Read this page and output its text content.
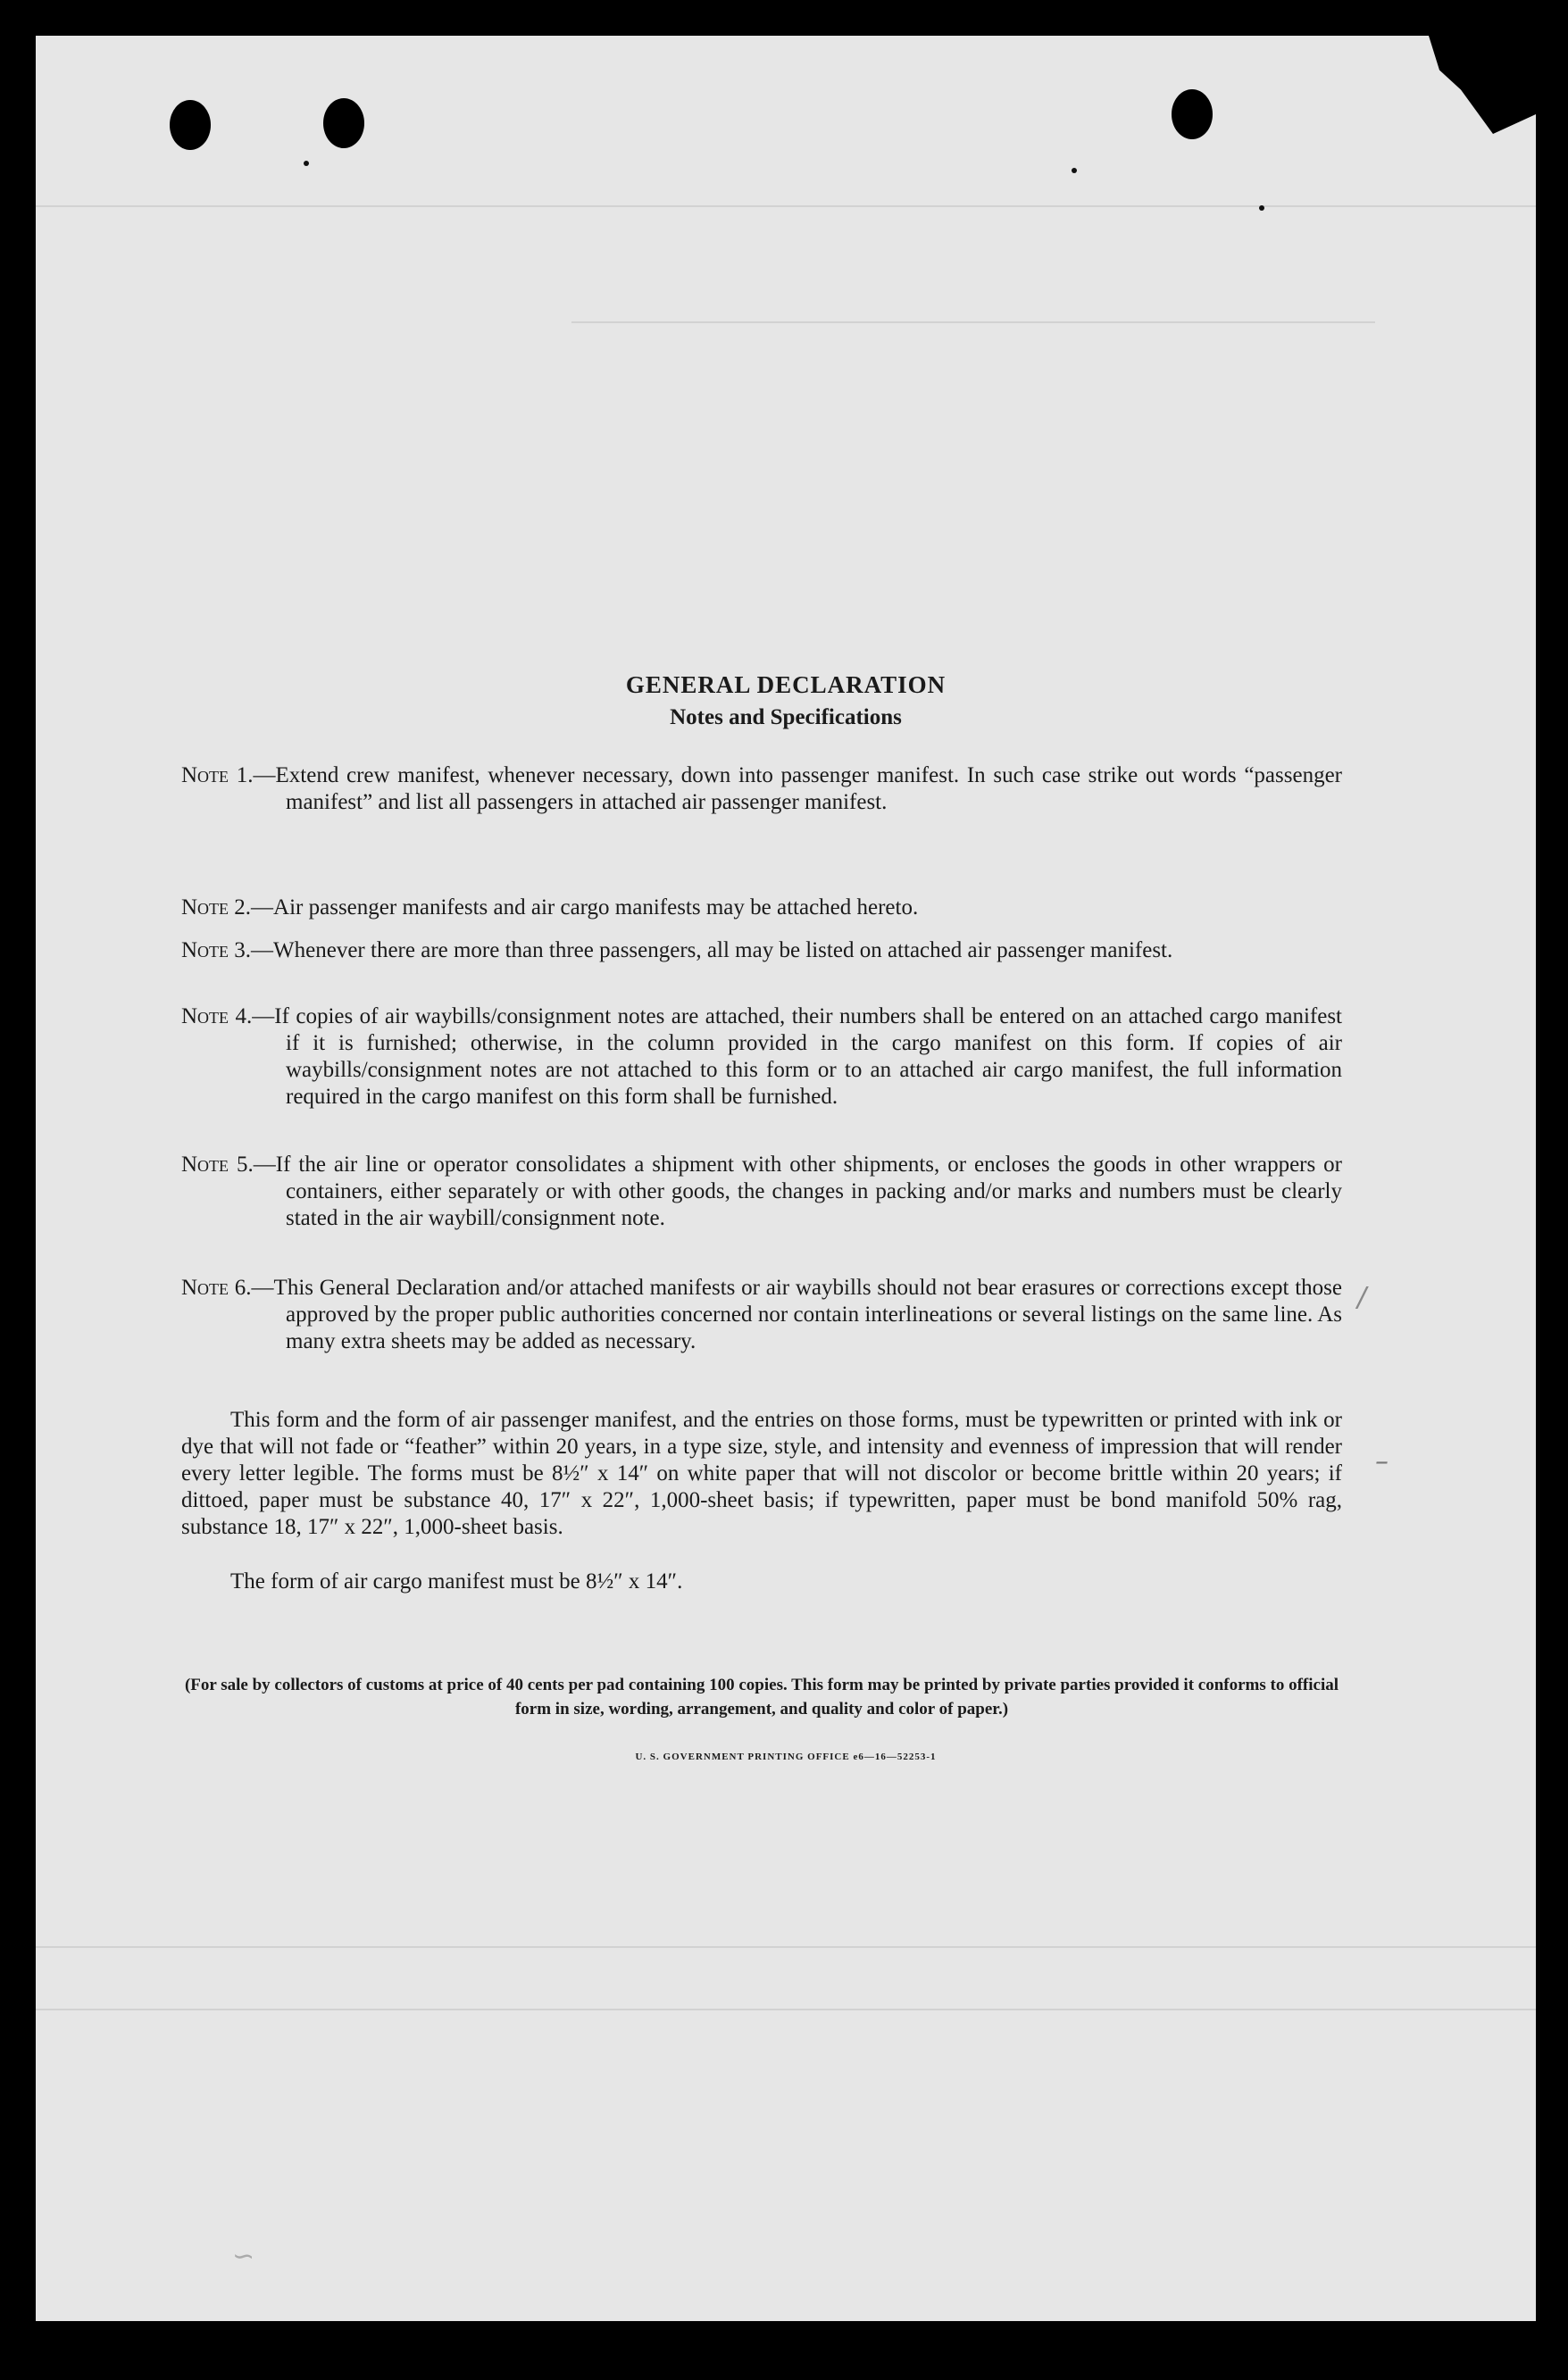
GENERAL DECLARATION
Notes and Specifications
Note 1.—Extend crew manifest, whenever necessary, down into passenger manifest. In such case strike out words “passenger manifest” and list all passengers in attached air passenger manifest.
Note 2.—Air passenger manifests and air cargo manifests may be attached hereto.
Note 3.—Whenever there are more than three passengers, all may be listed on attached air passenger manifest.
Note 4.—If copies of air waybills/consignment notes are attached, their numbers shall be entered on an attached cargo manifest if it is furnished; otherwise, in the column provided in the cargo manifest on this form. If copies of air waybills/consignment notes are not attached to this form or to an attached air cargo manifest, the full information required in the cargo manifest on this form shall be furnished.
Note 5.—If the air line or operator consolidates a shipment with other shipments, or encloses the goods in other wrappers or containers, either separately or with other goods, the changes in packing and/or marks and numbers must be clearly stated in the air waybill/consignment note.
Note 6.—This General Declaration and/or attached manifests or air waybills should not bear erasures or corrections except those approved by the proper public authorities concerned nor contain interlineations or several listings on the same line. As many extra sheets may be added as necessary.
This form and the form of air passenger manifest, and the entries on those forms, must be typewritten or printed with ink or dye that will not fade or “feather” within 20 years, in a type size, style, and intensity and evenness of impression that will render every letter legible. The forms must be 8½″ x 14″ on white paper that will not discolor or become brittle within 20 years; if dittoed, paper must be substance 40, 17″ x 22″, 1,000-sheet basis; if typewritten, paper must be bond manifold 50% rag, substance 18, 17″ x 22″, 1,000-sheet basis.
The form of air cargo manifest must be 8½″ x 14″.
(For sale by collectors of customs at price of 40 cents per pad containing 100 copies. This form may be printed by private parties provided it conforms to official form in size, wording, arrangement, and quality and color of paper.)
U. S. GOVERNMENT PRINTING OFFICE e6—16—52253-1
/
–
∽
